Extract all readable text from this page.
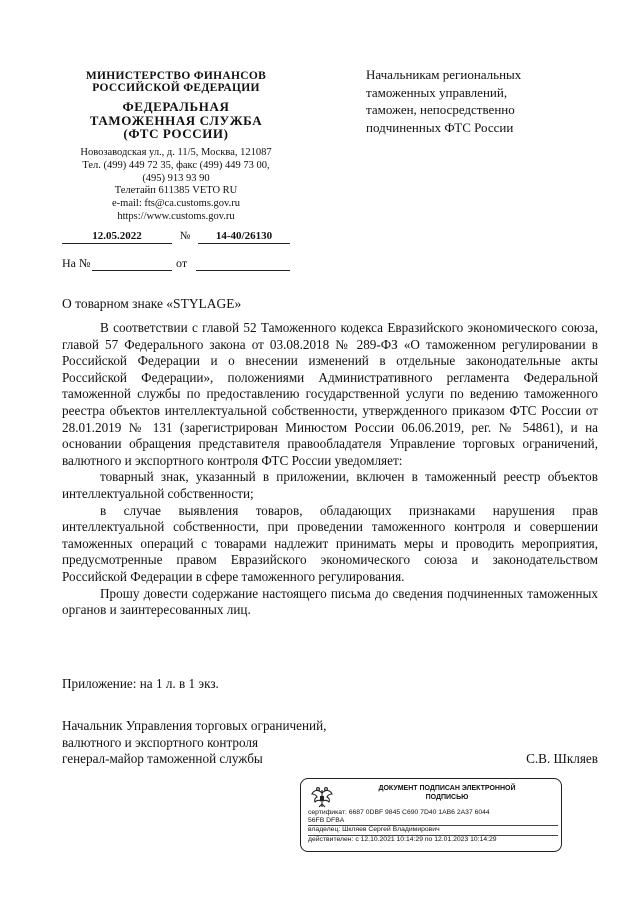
МИНИСТЕРСТВО ФИНАНСОВ
РОССИЙСКОЙ ФЕДЕРАЦИИ
ФЕДЕРАЛЬНАЯ
ТАМОЖЕННАЯ СЛУЖБА
(ФТС РОССИИ)
Новозаводская ул., д. 11/5, Москва, 121087
Тел. (499) 449 72 35, факс (499) 449 73 00,
(495) 913 93 90
Телетайп 611385 VETO RU
e-mail: fts@ca.customs.gov.ru
https://www.customs.gov.ru
12.05.2022	№	14-40/26130
На №	от
Начальникам региональных
таможенных управлений,
таможен, непосредственно
подчиненных ФТС России
О товарном знаке «STYLAGE»

В соответствии с главой 52 Таможенного кодекса Евразийского экономического союза, главой 57 Федерального закона от 03.08.2018 № 289-ФЗ «О таможенном регулировании в Российской Федерации и о внесении изменений в отдельные законодательные акты Российской Федерации», положениями Административного регламента Федеральной таможенной службы по предоставлению государственной услуги по ведению таможенного реестра объектов интеллектуальной собственности, утвержденного приказом ФТС России от 28.01.2019 № 131 (зарегистрирован Минюстом России 06.06.2019, рег. № 54861), и на основании обращения представителя правообладателя Управление торговых ограничений, валютного и экспортного контроля ФТС России уведомляет:

товарный знак, указанный в приложении, включен в таможенный реестр объектов интеллектуальной собственности;

в случае выявления товаров, обладающих признаками нарушения прав интеллектуальной собственности, при проведении таможенного контроля и совершении таможенных операций с товарами надлежит принимать меры и проводить мероприятия, предусмотренные правом Евразийского экономического союза и законодательством Российской Федерации в сфере таможенного регулирования.

Прошу довести содержание настоящего письма до сведения подчиненных таможенных органов и заинтересованных лиц.

Приложение: на 1 л. в 1 экз.
Начальник Управления торговых ограничений,
валютного и экспортного контроля
генерал-майор таможенной службы	С.В. Шкляев
ДОКУМЕНТ ПОДПИСАН ЭЛЕКТРОННОЙ
ПОДПИСЬЮ
сертификат: 6687 0DBF 9845 C690 7D40 1AB6 2A37 6044
56FB DFBA
владелец: Шкляев Сергей Владимирович
действителен: с 12.10.2021 10:14:29 по 12.01.2023 10:14:29
